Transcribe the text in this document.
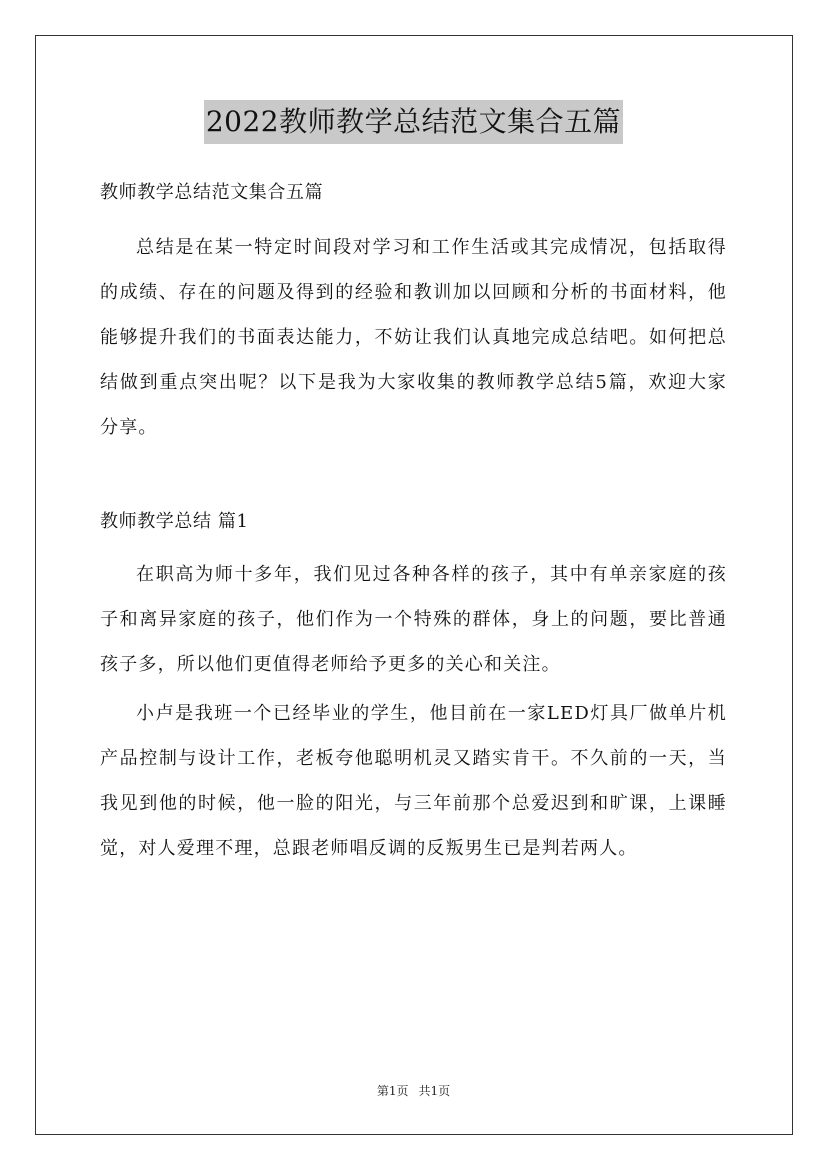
2022教师教学总结范文集合五篇

教师教学总结范文集合五篇

总结是在某一特定时间段对学习和工作生活或其完成情况，包括取得的成绩、存在的问题及得到的经验和教训加以回顾和分析的书面材料，他能够提升我们的书面表达能力，不妨让我们认真地完成总结吧。如何把总结做到重点突出呢？以下是我为大家收集的教师教学总结5篇，欢迎大家分享。

教师教学总结 篇1

在职高为师十多年，我们见过各种各样的孩子，其中有单亲家庭的孩子和离异家庭的孩子，他们作为一个特殊的群体，身上的问题，要比普通孩子多，所以他们更值得老师给予更多的关心和关注。

小卢是我班一个已经毕业的学生，他目前在一家LED灯具厂做单片机产品控制与设计工作，老板夸他聪明机灵又踏实肯干。不久前的一天，当我见到他的时候，他一脸的阳光，与三年前那个总爱迟到和旷课，上课睡觉，对人爱理不理，总跟老师唱反调的反叛男生已是判若两人。

第1页 共1页
